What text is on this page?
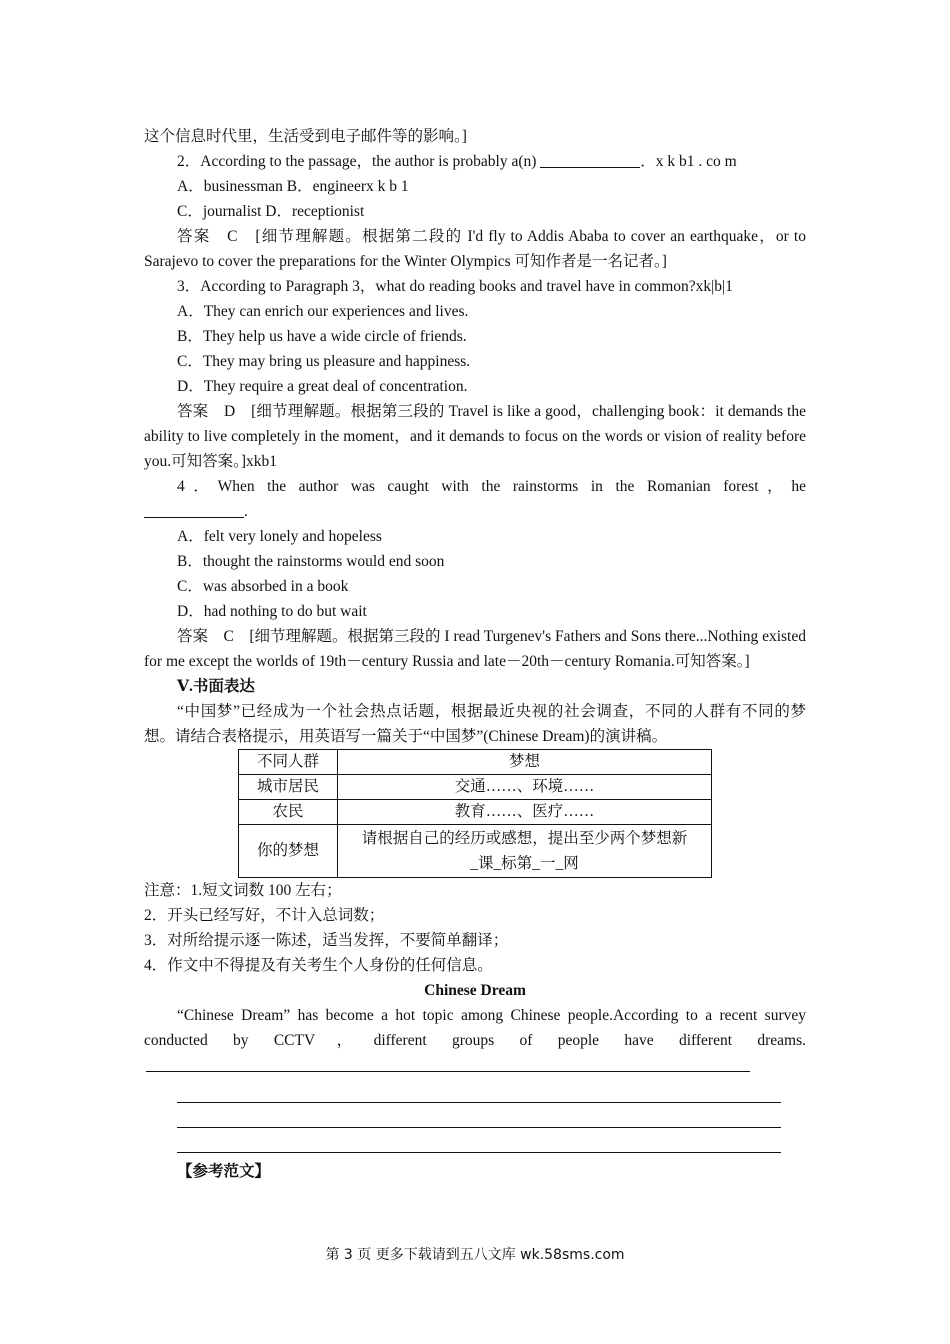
这个信息时代里，生活受到电子邮件等的影响。]
2．According to the passage，the author is probably a(n)	．x k b1 . co m
A．businessman B．engineerx k b 1
C．journalist D．receptionist
答案　C　[细节理解题。根据第二段的 I'd fly to Addis Ababa to cover an earthquake，or to Sarajevo to cover the preparations for the Winter Olympics 可知作者是一名记者。]
3．According to Paragraph 3，what do reading books and travel have in common?xk|b|1
A．They can enrich our experiences and lives.
B．They help us have a wide circle of friends.
C．They may bring us pleasure and happiness.
D．They require a great deal of concentration.
答案　D　[细节理解题。根据第三段的 Travel is like a good，challenging book：it demands the ability to live completely in the moment，and it demands to focus on the words or vision of reality before you.可知答案。]xkb1
4．When the author was caught with the rainstorms in the Romanian forest，he
.
A．felt very lonely and hopeless
B．thought the rainstorms would end soon
C．was absorbed in a book
D．had nothing to do but wait
答案　C　[细节理解题。根据第三段的 I read Turgenev's Fathers and Sons there...Nothing existed for me except the worlds of 19th－century Russia and late－20th－century Romania.可知答案。]
Ⅴ.书面表达
“中国梦”已经成为一个社会热点话题，根据最近央视的社会调查，不同的人群有不同的梦想。请结合表格提示，用英语写一篇关于“中国梦”(Chinese Dream)的演讲稿。
不同人群	梦想
城市居民	交通……、环境……
农民	教育……、医疗……
你的梦想	请根据自己的经历或感想，提出至少两个梦想新
_课_标第_一_网
注意：1.短文词数 100 左右；
2．开头已经写好，不计入总词数；
3．对所给提示逐一陈述，适当发挥，不要简单翻译；
4．作文中不得提及有关考生个人身份的任何信息。
Chinese Dream
“Chinese Dream” has become a hot topic among Chinese people.According to a recent survey conducted by CCTV，different groups of people have different dreams.
【参考范文】
第 3 页 更多下载请到五八文库 wk.58sms.com
